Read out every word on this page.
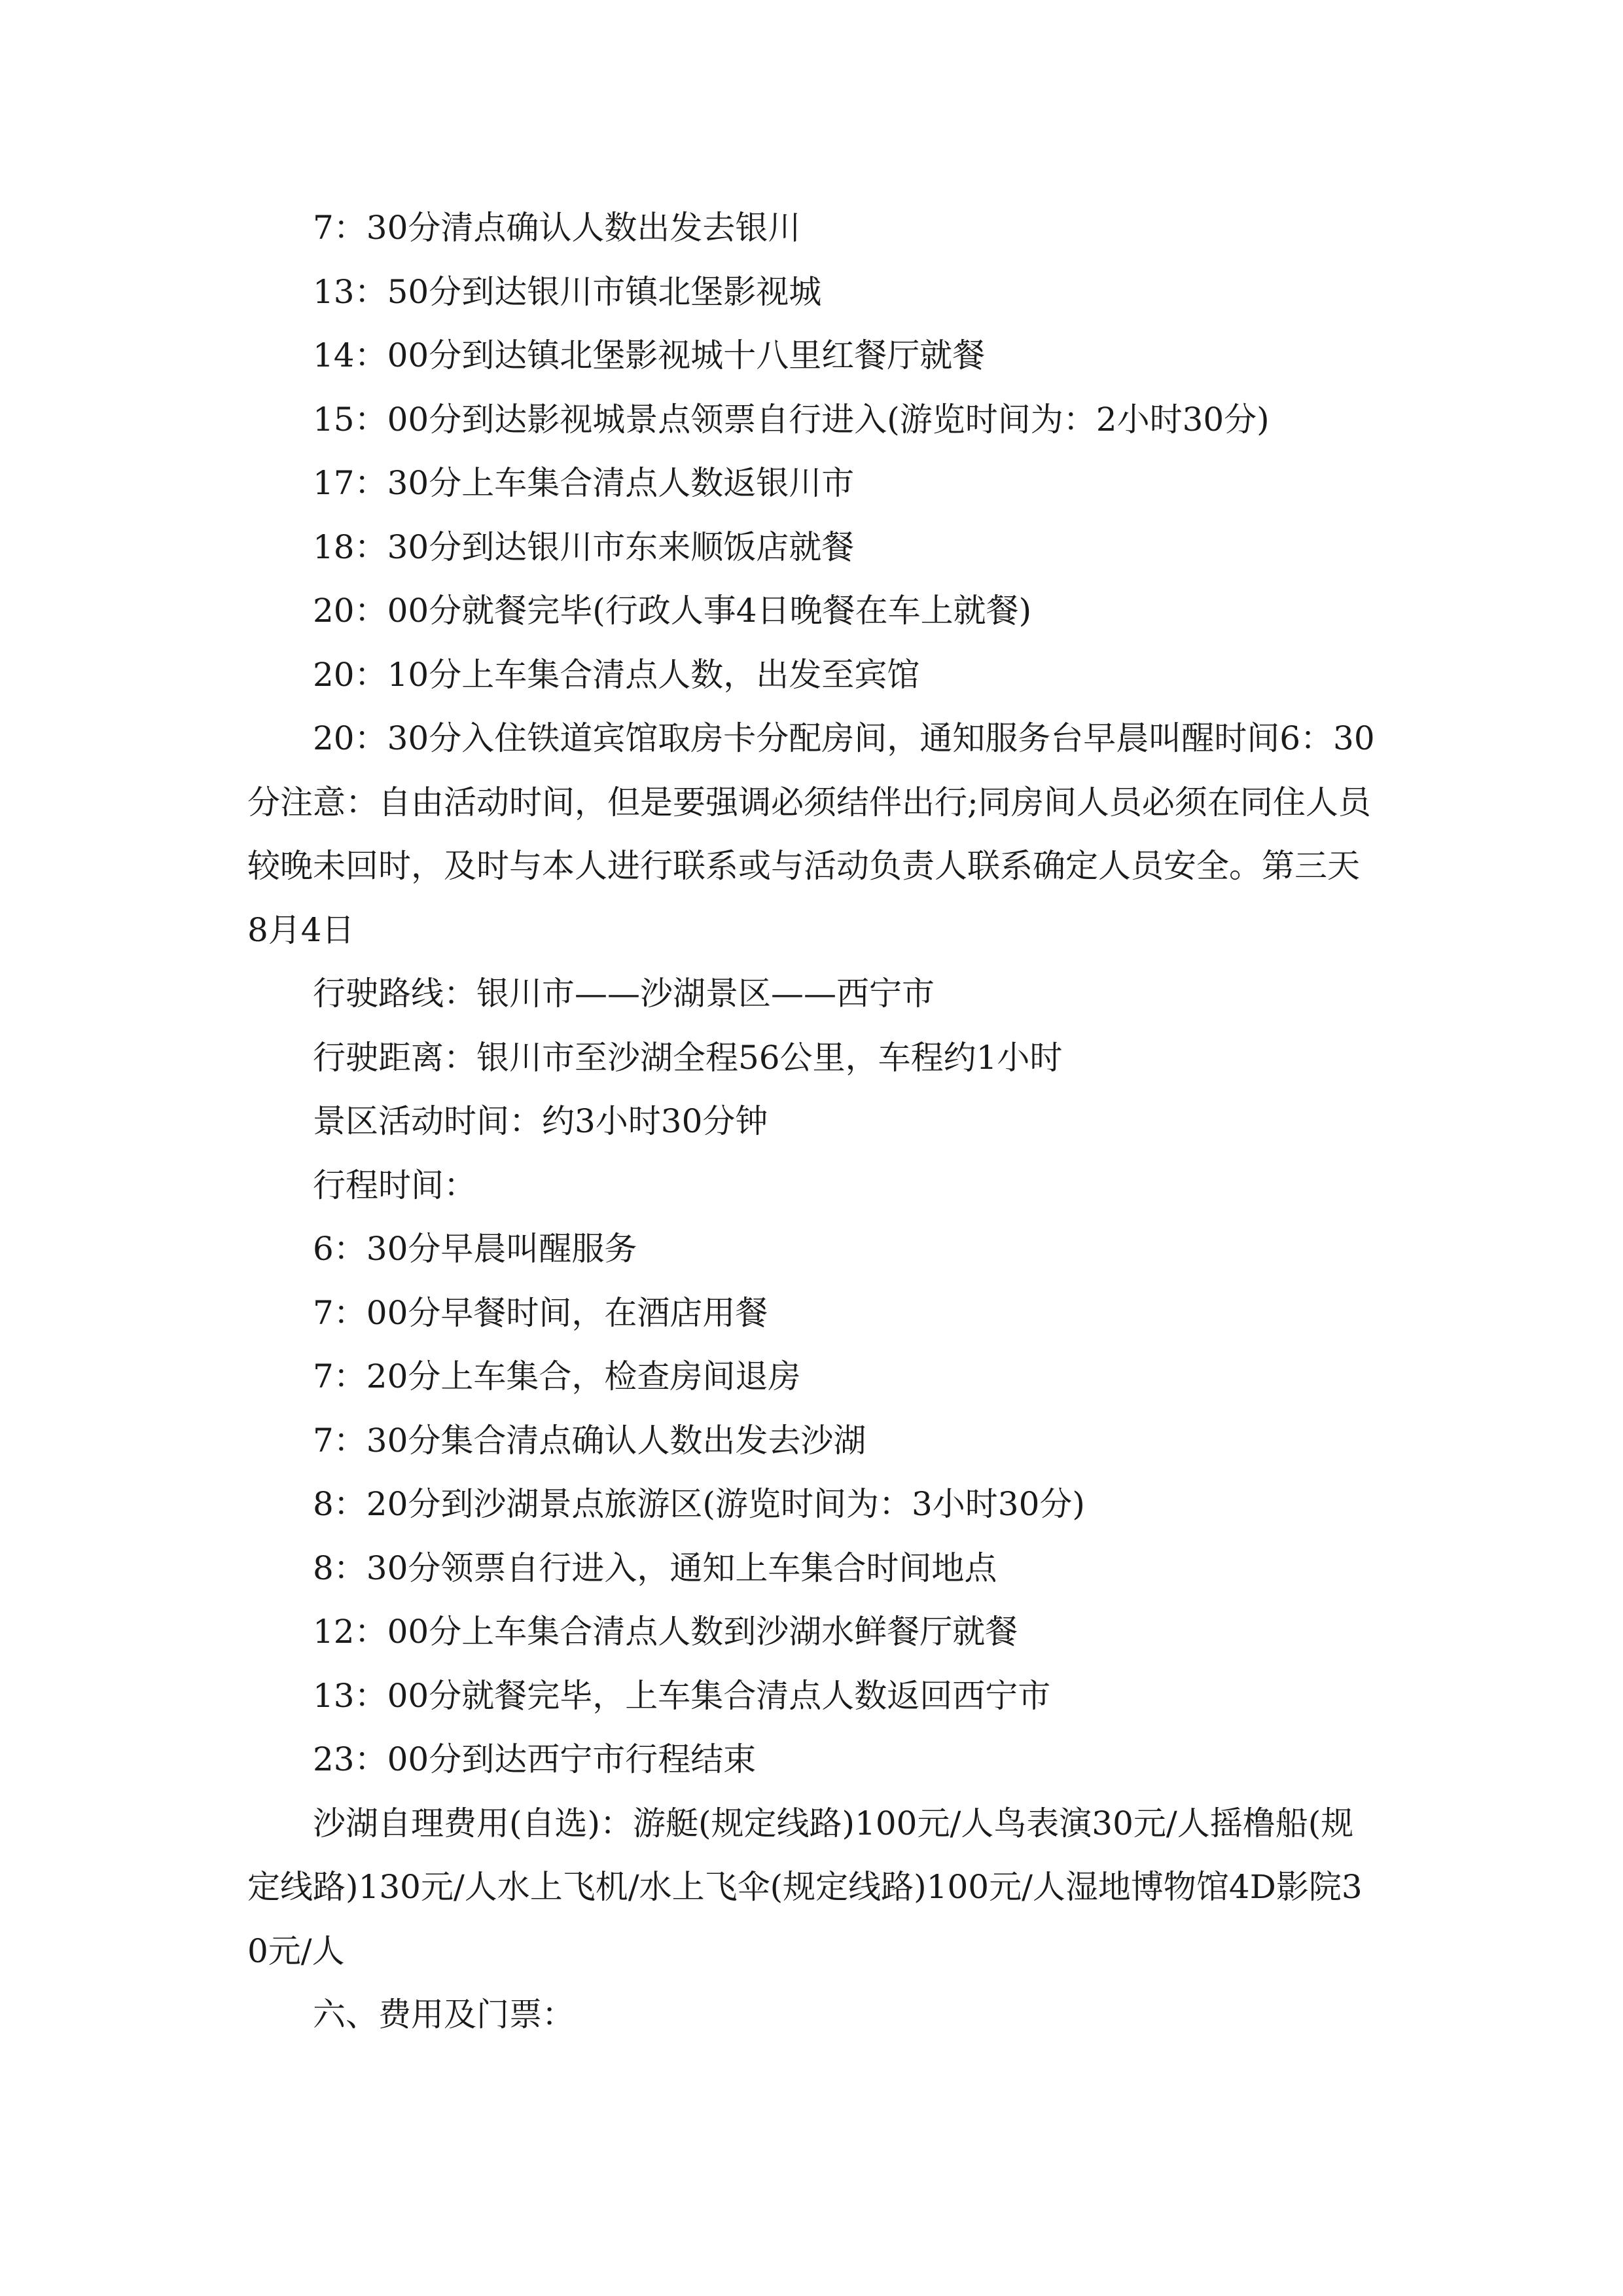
7：30分清点确认人数出发去银川

13：50分到达银川市镇北堡影视城

14：00分到达镇北堡影视城十八里红餐厅就餐

15：00分到达影视城景点领票自行进入(游览时间为：2小时30分)

17：30分上车集合清点人数返银川市

18：30分到达银川市东来顺饭店就餐

20：00分就餐完毕(行政人事4日晚餐在车上就餐)

20：10分上车集合清点人数，出发至宾馆

20：30分入住铁道宾馆取房卡分配房间，通知服务台早晨叫醒时间6：30分注意：自由活动时间，但是要强调必须结伴出行;同房间人员必须在同住人员较晚未回时，及时与本人进行联系或与活动负责人联系确定人员安全。第三天8月4日

行驶路线：银川市——沙湖景区——西宁市

行驶距离：银川市至沙湖全程56公里，车程约1小时

景区活动时间：约3小时30分钟

行程时间：

6：30分早晨叫醒服务

7：00分早餐时间，在酒店用餐

7：20分上车集合，检查房间退房

7：30分集合清点确认人数出发去沙湖

8：20分到沙湖景点旅游区(游览时间为：3小时30分)

8：30分领票自行进入，通知上车集合时间地点

12：00分上车集合清点人数到沙湖水鲜餐厅就餐

13：00分就餐完毕，上车集合清点人数返回西宁市

23：00分到达西宁市行程结束

沙湖自理费用(自选)：游艇(规定线路)100元/人鸟表演30元/人摇橹船(规定线路)130元/人水上飞机/水上飞伞(规定线路)100元/人湿地博物馆4D影院30元/人

六、费用及门票：
